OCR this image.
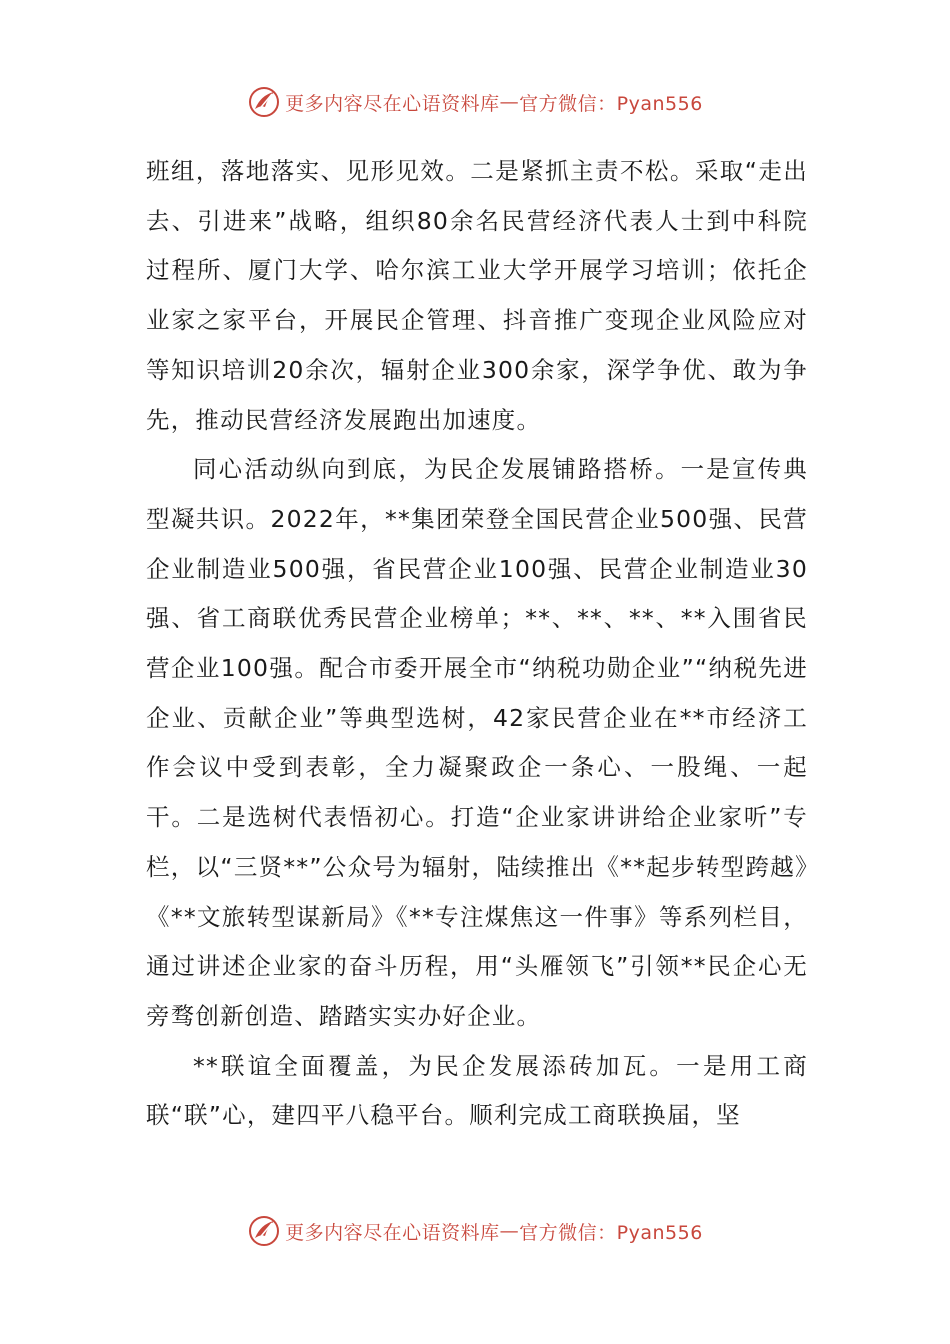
更多内容尽在心语资料库 — 官方微信：Pyan556

班组，落地落实、见形见效。二是紧抓主责不松。采取“走出去、引进来”战略，组织80余名民营经济代表人士到中科院过程所、厦门大学、哈尔滨工业大学开展学习培训；依托企业家之家平台，开展民企管理、抖音推广变现企业风险应对等知识培训20余次，辐射企业300余家，深学争优、敢为争先，推动民营经济发展跑出加速度。

同心活动纵向到底，为民企发展铺路搭桥。一是宣传典型凝共识。2022年，**集团荣登全国民营企业500强、民营企业制造业500强，省民营企业100强、民营企业制造业30强、省工商联优秀民营企业榜单；**、**、**、**入围省民营企业100强。配合市委开展全市“纳税功勋企业”“纳税先进企业、贡献企业”等典型选树，42家民营企业在**市经济工作会议中受到表彰，全力凝聚政企一条心、一股绳、一起干。二是选树代表悟初心。打造“企业家讲讲给企业家听”专栏，以“三贤**”公众号为辐射，陆续推出《**起步转型跨越》《**文旅转型谋新局》《**专注煤焦这一件事》等系列栏目，通过讲述企业家的奋斗历程，用“头雁领飞”引领**民企心无旁骛创新创造、踏踏实实办好企业。

**联谊全面覆盖，为民企发展添砖加瓦。一是用工商联“联”心，建四平八稳平台。顺利完成工商联换届，坚

更多内容尽在心语资料库 — 官方微信：Pyan556
